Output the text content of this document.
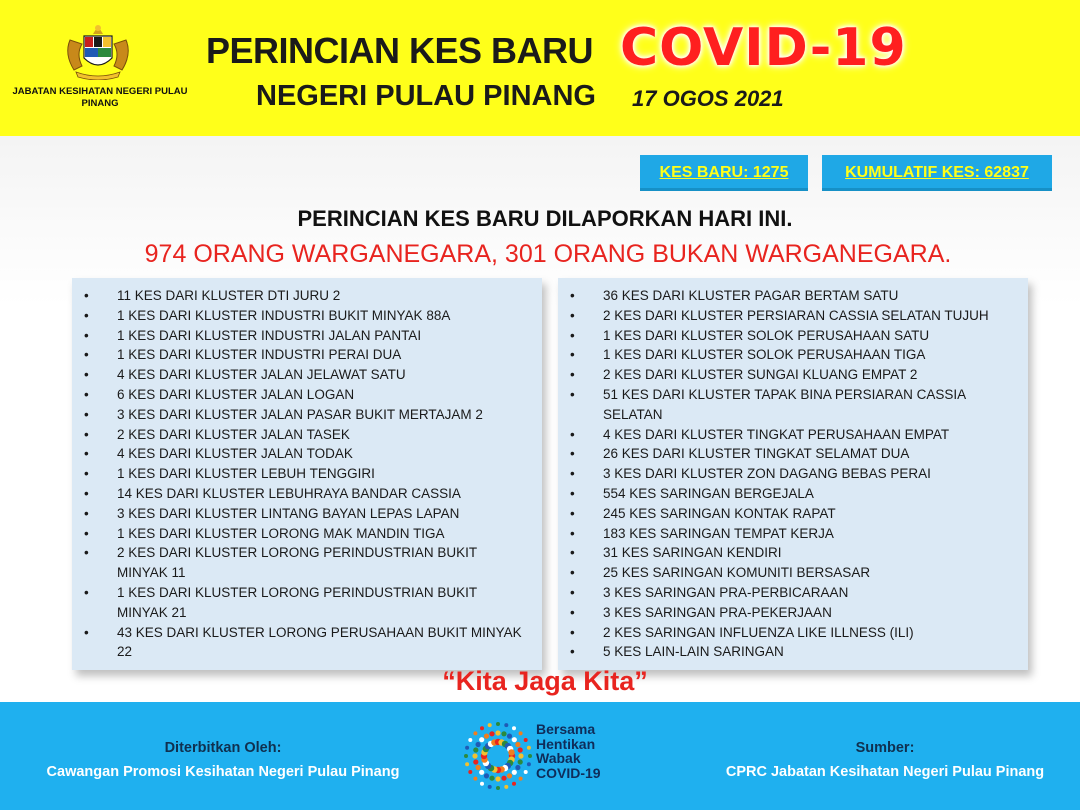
JABATAN KESIHATAN NEGERI PULAU PINANG
PERINCIAN KES BARU COVID-19
NEGERI PULAU PINANG 17 OGOS 2021
KES BARU: 1275	KUMULATIF KES: 62837
PERINCIAN KES BARU DILAPORKAN HARI INI.
974 ORANG WARGANEGARA, 301 ORANG BUKAN WARGANEGARA.
• 11 KES DARI KLUSTER DTI JURU 2
• 1 KES DARI KLUSTER INDUSTRI BUKIT MINYAK 88A
• 1 KES DARI KLUSTER INDUSTRI JALAN PANTAI
• 1 KES DARI KLUSTER INDUSTRI PERAI DUA
• 4 KES DARI KLUSTER JALAN JELAWAT SATU
• 6 KES DARI KLUSTER JALAN LOGAN
• 3 KES DARI KLUSTER JALAN PASAR BUKIT MERTAJAM 2
• 2 KES DARI KLUSTER JALAN TASEK
• 4 KES DARI KLUSTER JALAN TODAK
• 1 KES DARI KLUSTER LEBUH TENGGIRI
• 14 KES DARI KLUSTER LEBUHRAYA BANDAR CASSIA
• 3 KES DARI KLUSTER LINTANG BAYAN LEPAS LAPAN
• 1 KES DARI KLUSTER LORONG MAK MANDIN TIGA
• 2 KES DARI KLUSTER LORONG PERINDUSTRIAN BUKIT MINYAK 11
• 1 KES DARI KLUSTER LORONG PERINDUSTRIAN BUKIT MINYAK 21
• 43 KES DARI KLUSTER LORONG PERUSAHAAN BUKIT MINYAK 22
• 36 KES DARI KLUSTER PAGAR BERTAM SATU
• 2 KES DARI KLUSTER PERSIARAN CASSIA SELATAN TUJUH
• 1 KES DARI KLUSTER SOLOK PERUSAHAAN SATU
• 1 KES DARI KLUSTER SOLOK PERUSAHAAN TIGA
• 2 KES DARI KLUSTER SUNGAI KLUANG EMPAT 2
• 51 KES DARI KLUSTER TAPAK BINA PERSIARAN CASSIA SELATAN
• 4 KES DARI KLUSTER TINGKAT PERUSAHAAN EMPAT
• 26 KES DARI KLUSTER TINGKAT SELAMAT DUA
• 3 KES DARI KLUSTER ZON DAGANG BEBAS PERAI
• 554 KES SARINGAN BERGEJALA
• 245 KES SARINGAN KONTAK RAPAT
• 183 KES SARINGAN TEMPAT KERJA
• 31 KES SARINGAN KENDIRI
• 25 KES SARINGAN KOMUNITI BERSASAR
• 3 KES SARINGAN PRA-PERBICARAAN
• 3 KES SARINGAN PRA-PEKERJAAN
• 2 KES SARINGAN INFLUENZA LIKE ILLNESS (ILI)
• 5 KES LAIN-LAIN SARINGAN
“Kita Jaga Kita”
Diterbitkan Oleh:
Cawangan Promosi Kesihatan Negeri Pulau Pinang
Sumber:
CPRC Jabatan Kesihatan Negeri Pulau Pinang
Bersama
Hentikan
Wabak
COVID-19
